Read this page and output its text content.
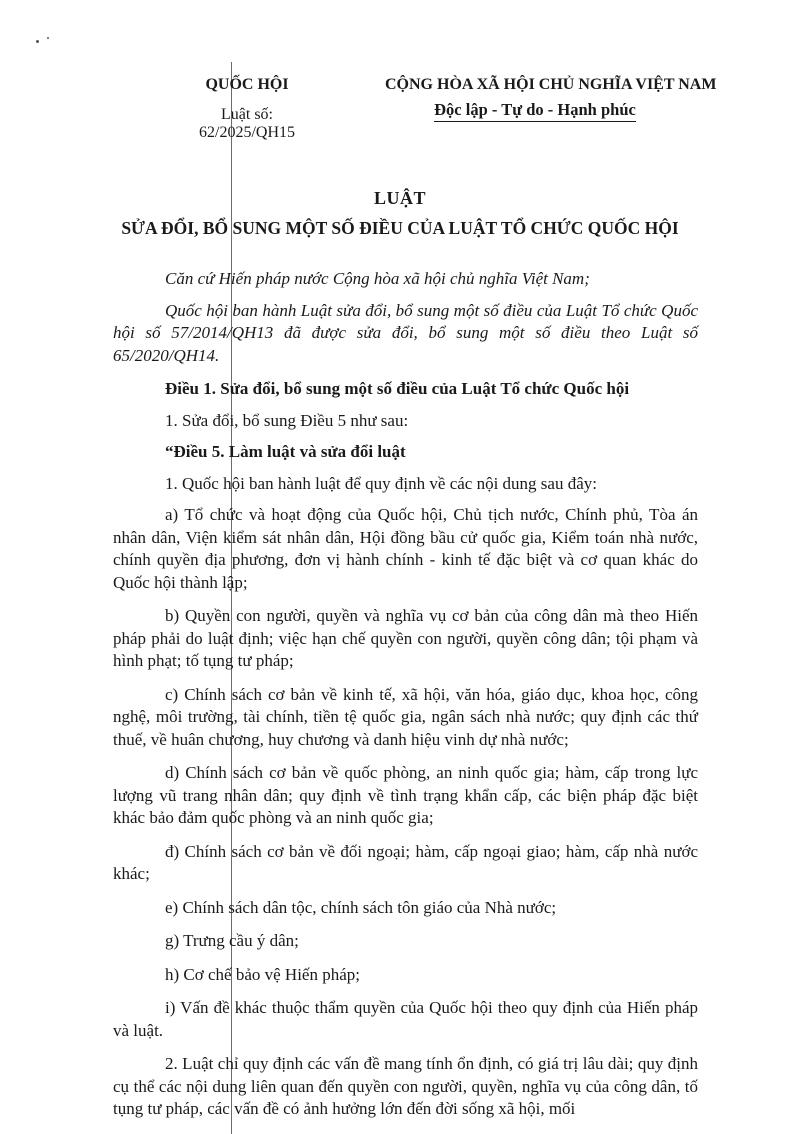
QUỐC HỘI
Luật số: 62/2025/QH15
CỘNG HÒA XÃ HỘI CHỦ NGHĨA VIỆT NAM
Độc lập - Tự do - Hạnh phúc
LUẬT
SỬA ĐỔI, BỔ SUNG MỘT SỐ ĐIỀU CỦA LUẬT TỔ CHỨC QUỐC HỘI

Căn cứ Hiến pháp nước Cộng hòa xã hội chủ nghĩa Việt Nam;

Quốc hội ban hành Luật sửa đổi, bổ sung một số điều của Luật Tổ chức Quốc hội số 57/2014/QH13 đã được sửa đổi, bổ sung một số điều theo Luật số 65/2020/QH14.

Điều 1. Sửa đổi, bổ sung một số điều của Luật Tổ chức Quốc hội

1. Sửa đổi, bổ sung Điều 5 như sau:

“Điều 5. Làm luật và sửa đổi luật

1. Quốc hội ban hành luật để quy định về các nội dung sau đây:

a) Tổ chức và hoạt động của Quốc hội, Chủ tịch nước, Chính phủ, Tòa án nhân dân, Viện kiểm sát nhân dân, Hội đồng bầu cử quốc gia, Kiểm toán nhà nước, chính quyền địa phương, đơn vị hành chính - kinh tế đặc biệt và cơ quan khác do Quốc hội thành lập;

b) Quyền con người, quyền và nghĩa vụ cơ bản của công dân mà theo Hiến pháp phải do luật định; việc hạn chế quyền con người, quyền công dân; tội phạm và hình phạt; tố tụng tư pháp;

c) Chính sách cơ bản về kinh tế, xã hội, văn hóa, giáo dục, khoa học, công nghệ, môi trường, tài chính, tiền tệ quốc gia, ngân sách nhà nước; quy định các thứ thuế, về huân chương, huy chương và danh hiệu vinh dự nhà nước;

d) Chính sách cơ bản về quốc phòng, an ninh quốc gia; hàm, cấp trong lực lượng vũ trang nhân dân; quy định về tình trạng khẩn cấp, các biện pháp đặc biệt khác bảo đảm quốc phòng và an ninh quốc gia;

đ) Chính sách cơ bản về đối ngoại; hàm, cấp ngoại giao; hàm, cấp nhà nước khác;

e) Chính sách dân tộc, chính sách tôn giáo của Nhà nước;

g) Trưng cầu ý dân;

h) Cơ chế bảo vệ Hiến pháp;

i) Vấn đề khác thuộc thẩm quyền của Quốc hội theo quy định của Hiến pháp và luật.

2. Luật chỉ quy định các vấn đề mang tính ổn định, có giá trị lâu dài; quy định cụ thể các nội dung liên quan đến quyền con người, quyền, nghĩa vụ của công dân, tố tụng tư pháp, các vấn đề có ảnh hưởng lớn đến đời sống xã hội, mối
